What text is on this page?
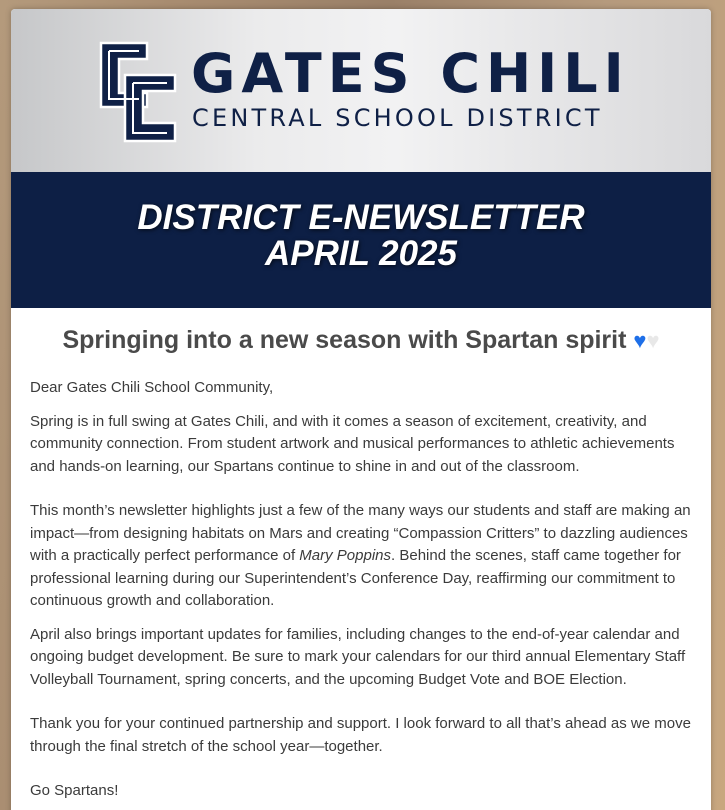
GATES CHILI
CENTRAL SCHOOL DISTRICT
DISTRICT E-NEWSLETTER
APRIL 2025
Springing into a new season with Spartan spirit ♥♥

Dear Gates Chili School Community,

Spring is in full swing at Gates Chili, and with it comes a season of excitement, creativity, and community connection. From student artwork and musical performances to athletic achievements and hands-on learning, our Spartans continue to shine in and out of the classroom.

This month’s newsletter highlights just a few of the many ways our students and staff are making an impact—from designing habitats on Mars and creating “Compassion Critters” to dazzling audiences with a practically perfect performance of Mary Poppins. Behind the scenes, staff came together for professional learning during our Superintendent’s Conference Day, reaffirming our commitment to continuous growth and collaboration.

April also brings important updates for families, including changes to the end-of-year calendar and ongoing budget development. Be sure to mark your calendars for our third annual Elementary Staff Volleyball Tournament, spring concerts, and the upcoming Budget Vote and BOE Election.

Thank you for your continued partnership and support. I look forward to all that’s ahead as we move through the final stretch of the school year—together.

Go Spartans!
